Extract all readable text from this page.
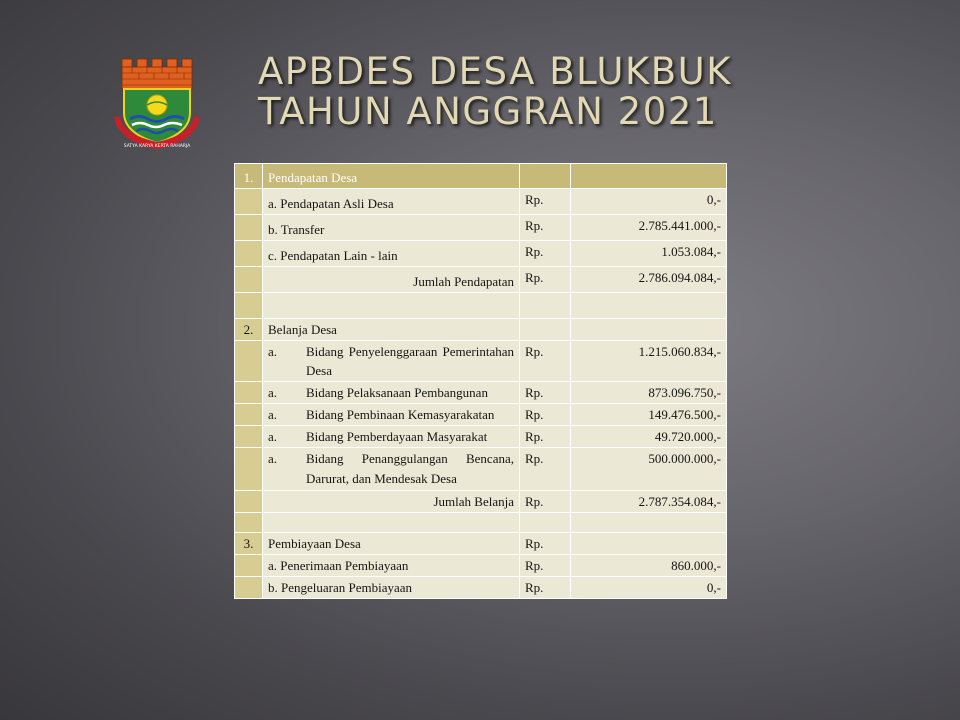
SATYA KARYA KERTA RAHARJA
APBDES DESA BLUKBUK
TAHUN ANGGRAN 2021
1.	Pendapatan Desa		
	a. Pendapatan Asli Desa	Rp.	0,-
	b. Transfer	Rp.	2.785.441.000,-
	c. Pendapatan Lain - lain	Rp.	1.053.084,-
	Jumlah Pendapatan	Rp.	2.786.094.084,-

2.	Belanja Desa		

	a. Bidang Penyelenggaraan Pemerintahan Desa	Rp.	1.215.060.834,-

	a. Bidang Pelaksanaan Pembangunan	Rp.	873.096.750,-

	a. Bidang Pembinaan Kemasyarakatan	Rp.	149.476.500,-

	a. Bidang Pemberdayaan Masyarakat	Rp.	49.720.000,-

	a. Bidang Penanggulangan Bencana, Darurat, dan Mendesak Desa	Rp.	500.000.000,-
	Jumlah Belanja	Rp.	2.787.354.084,-

3.	Pembiayaan Desa	Rp.	
	a. Penerimaan Pembiayaan	Rp.	860.000,-
	b. Pengeluaran Pembiayaan	Rp.	0,-
